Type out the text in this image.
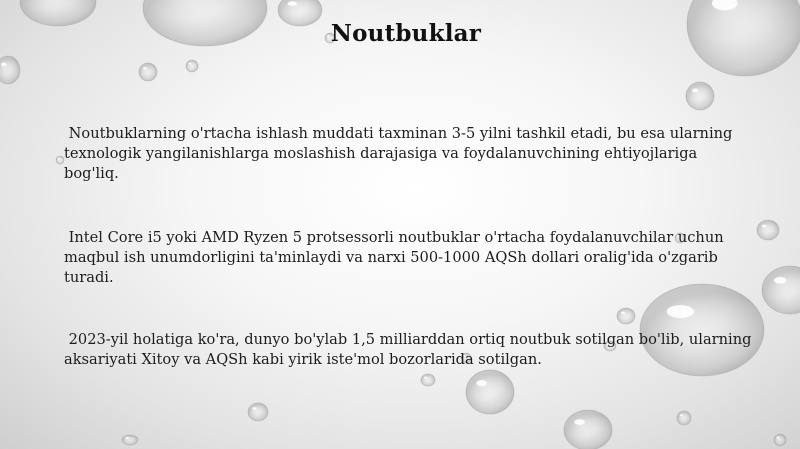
Noutbuklar
Noutbuklarning o'rtacha ishlash muddati taxminan 3-5 yilni tashkil etadi, bu esa ularning texnologik yangilanishlarga moslashish darajasiga va foydalanuvchining ehtiyojlariga bog'liq.
Intel Core i5 yoki AMD Ryzen 5 protsessorli noutbuklar o'rtacha foydalanuvchilar uchun maqbul ish unumdorligini ta'minlaydi va narxi 500-1000 AQSh dollari oralig'ida o'zgarib turadi.
2023-yil holatiga ko'ra, dunyo bo'ylab 1,5 milliarddan ortiq noutbuk sotilgan bo'lib, ularning aksariyati Xitoy va AQSh kabi yirik iste'mol bozorlarida sotilgan.
